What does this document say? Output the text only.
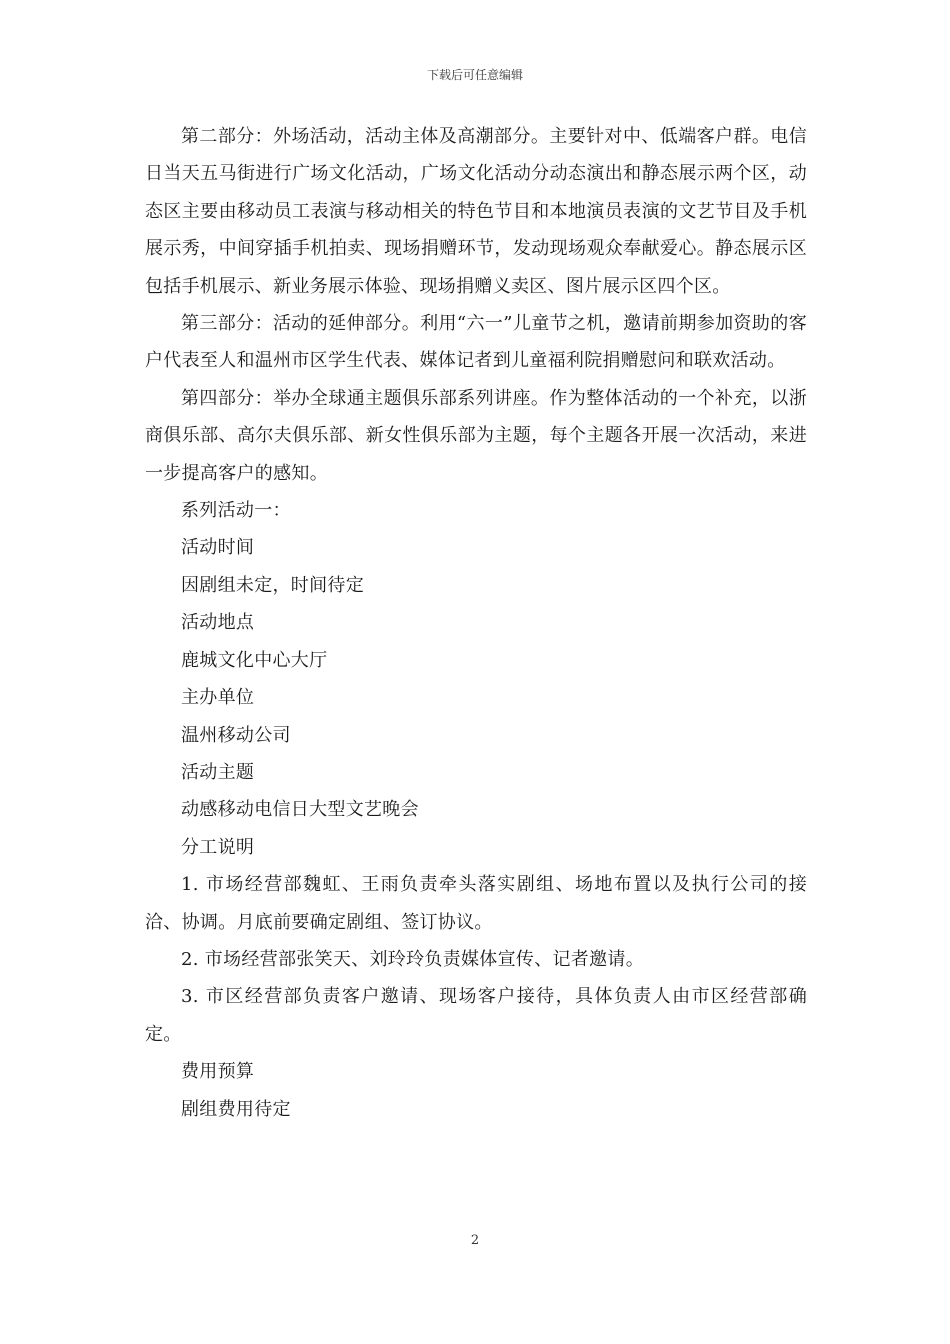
下载后可任意编辑

第二部分：外场活动，活动主体及高潮部分。主要针对中、低端客户群。电信日当天五马街进行广场文化活动，广场文化活动分动态演出和静态展示两个区，动态区主要由移动员工表演与移动相关的特色节目和本地演员表演的文艺节目及手机展示秀，中间穿插手机拍卖、现场捐赠环节，发动现场观众奉献爱心。静态展示区包括手机展示、新业务展示体验、现场捐赠义卖区、图片展示区四个区。

第三部分：活动的延伸部分。利用“六一”儿童节之机，邀请前期参加资助的客户代表至人和温州市区学生代表、媒体记者到儿童福利院捐赠慰问和联欢活动。

第四部分：举办全球通主题俱乐部系列讲座。作为整体活动的一个补充，以浙商俱乐部、高尔夫俱乐部、新女性俱乐部为主题，每个主题各开展一次活动，来进一步提高客户的感知。

系列活动一：

活动时间

因剧组未定，时间待定

活动地点

鹿城文化中心大厅

主办单位

温州移动公司

活动主题

动感移动电信日大型文艺晚会

分工说明

1. 市场经营部魏虹、王雨负责牵头落实剧组、场地布置以及执行公司的接洽、协调。月底前要确定剧组、签订协议。

2. 市场经营部张笑天、刘玲玲负责媒体宣传、记者邀请。

3. 市区经营部负责客户邀请、现场客户接待，具体负责人由市区经营部确定。

费用预算

剧组费用待定

2
